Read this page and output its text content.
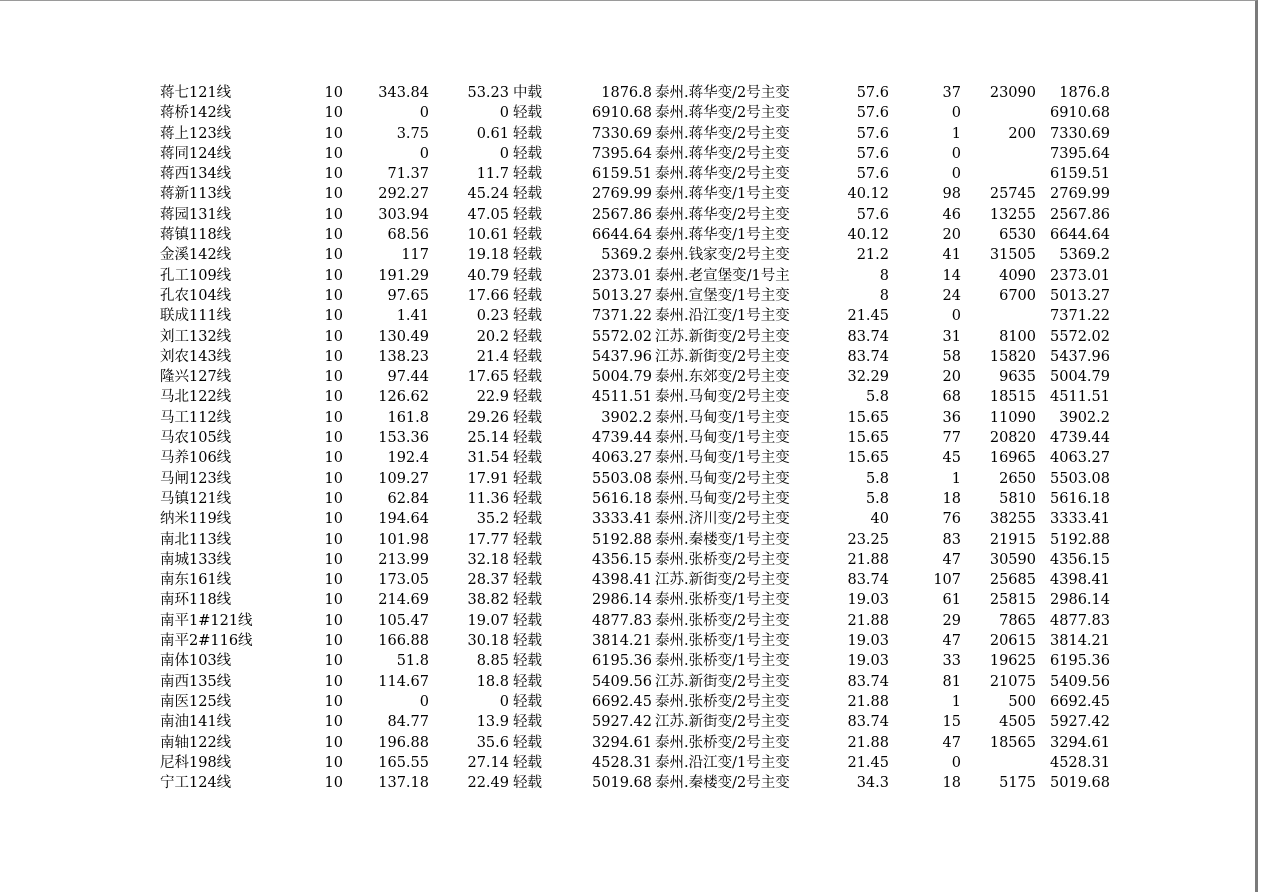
蒋七121线	10	343.84	53.23	中载	1876.8	泰州.蒋华变/2号主变	57.6	37	23090	1876.8
蒋桥142线	10	0	0	轻载	6910.68	泰州.蒋华变/2号主变	57.6	0		6910.68
蒋上123线	10	3.75	0.61	轻载	7330.69	泰州.蒋华变/2号主变	57.6	1	200	7330.69
蒋同124线	10	0	0	轻载	7395.64	泰州.蒋华变/2号主变	57.6	0		7395.64
蒋西134线	10	71.37	11.7	轻载	6159.51	泰州.蒋华变/2号主变	57.6	0		6159.51
蒋新113线	10	292.27	45.24	轻载	2769.99	泰州.蒋华变/1号主变	40.12	98	25745	2769.99
蒋园131线	10	303.94	47.05	轻载	2567.86	泰州.蒋华变/2号主变	57.6	46	13255	2567.86
蒋镇118线	10	68.56	10.61	轻载	6644.64	泰州.蒋华变/1号主变	40.12	20	6530	6644.64
金溪142线	10	117	19.18	轻载	5369.2	泰州.钱家变/2号主变	21.2	41	31505	5369.2
孔工109线	10	191.29	40.79	轻载	2373.01	泰州.老宣堡变/1号主	8	14	4090	2373.01
孔农104线	10	97.65	17.66	轻载	5013.27	泰州.宣堡变/1号主变	8	24	6700	5013.27
联成111线	10	1.41	0.23	轻载	7371.22	泰州.沿江变/1号主变	21.45	0		7371.22
刘工132线	10	130.49	20.2	轻载	5572.02	江苏.新街变/2号主变	83.74	31	8100	5572.02
刘农143线	10	138.23	21.4	轻载	5437.96	江苏.新街变/2号主变	83.74	58	15820	5437.96
隆兴127线	10	97.44	17.65	轻载	5004.79	泰州.东郊变/2号主变	32.29	20	9635	5004.79
马北122线	10	126.62	22.9	轻载	4511.51	泰州.马甸变/2号主变	5.8	68	18515	4511.51
马工112线	10	161.8	29.26	轻载	3902.2	泰州.马甸变/1号主变	15.65	36	11090	3902.2
马农105线	10	153.36	25.14	轻载	4739.44	泰州.马甸变/1号主变	15.65	77	20820	4739.44
马养106线	10	192.4	31.54	轻载	4063.27	泰州.马甸变/1号主变	15.65	45	16965	4063.27
马闸123线	10	109.27	17.91	轻载	5503.08	泰州.马甸变/2号主变	5.8	1	2650	5503.08
马镇121线	10	62.84	11.36	轻载	5616.18	泰州.马甸变/2号主变	5.8	18	5810	5616.18
纳米119线	10	194.64	35.2	轻载	3333.41	泰州.济川变/2号主变	40	76	38255	3333.41
南北113线	10	101.98	17.77	轻载	5192.88	泰州.秦楼变/1号主变	23.25	83	21915	5192.88
南城133线	10	213.99	32.18	轻载	4356.15	泰州.张桥变/2号主变	21.88	47	30590	4356.15
南东161线	10	173.05	28.37	轻载	4398.41	江苏.新街变/2号主变	83.74	107	25685	4398.41
南环118线	10	214.69	38.82	轻载	2986.14	泰州.张桥变/1号主变	19.03	61	25815	2986.14
南平1#121线	10	105.47	19.07	轻载	4877.83	泰州.张桥变/2号主变	21.88	29	7865	4877.83
南平2#116线	10	166.88	30.18	轻载	3814.21	泰州.张桥变/1号主变	19.03	47	20615	3814.21
南体103线	10	51.8	8.85	轻载	6195.36	泰州.张桥变/1号主变	19.03	33	19625	6195.36
南西135线	10	114.67	18.8	轻载	5409.56	江苏.新街变/2号主变	83.74	81	21075	5409.56
南医125线	10	0	0	轻载	6692.45	泰州.张桥变/2号主变	21.88	1	500	6692.45
南油141线	10	84.77	13.9	轻载	5927.42	江苏.新街变/2号主变	83.74	15	4505	5927.42
南轴122线	10	196.88	35.6	轻载	3294.61	泰州.张桥变/2号主变	21.88	47	18565	3294.61
尼科198线	10	165.55	27.14	轻载	4528.31	泰州.沿江变/1号主变	21.45	0		4528.31
宁工124线	10	137.18	22.49	轻载	5019.68	泰州.秦楼变/2号主变	34.3	18	5175	5019.68
